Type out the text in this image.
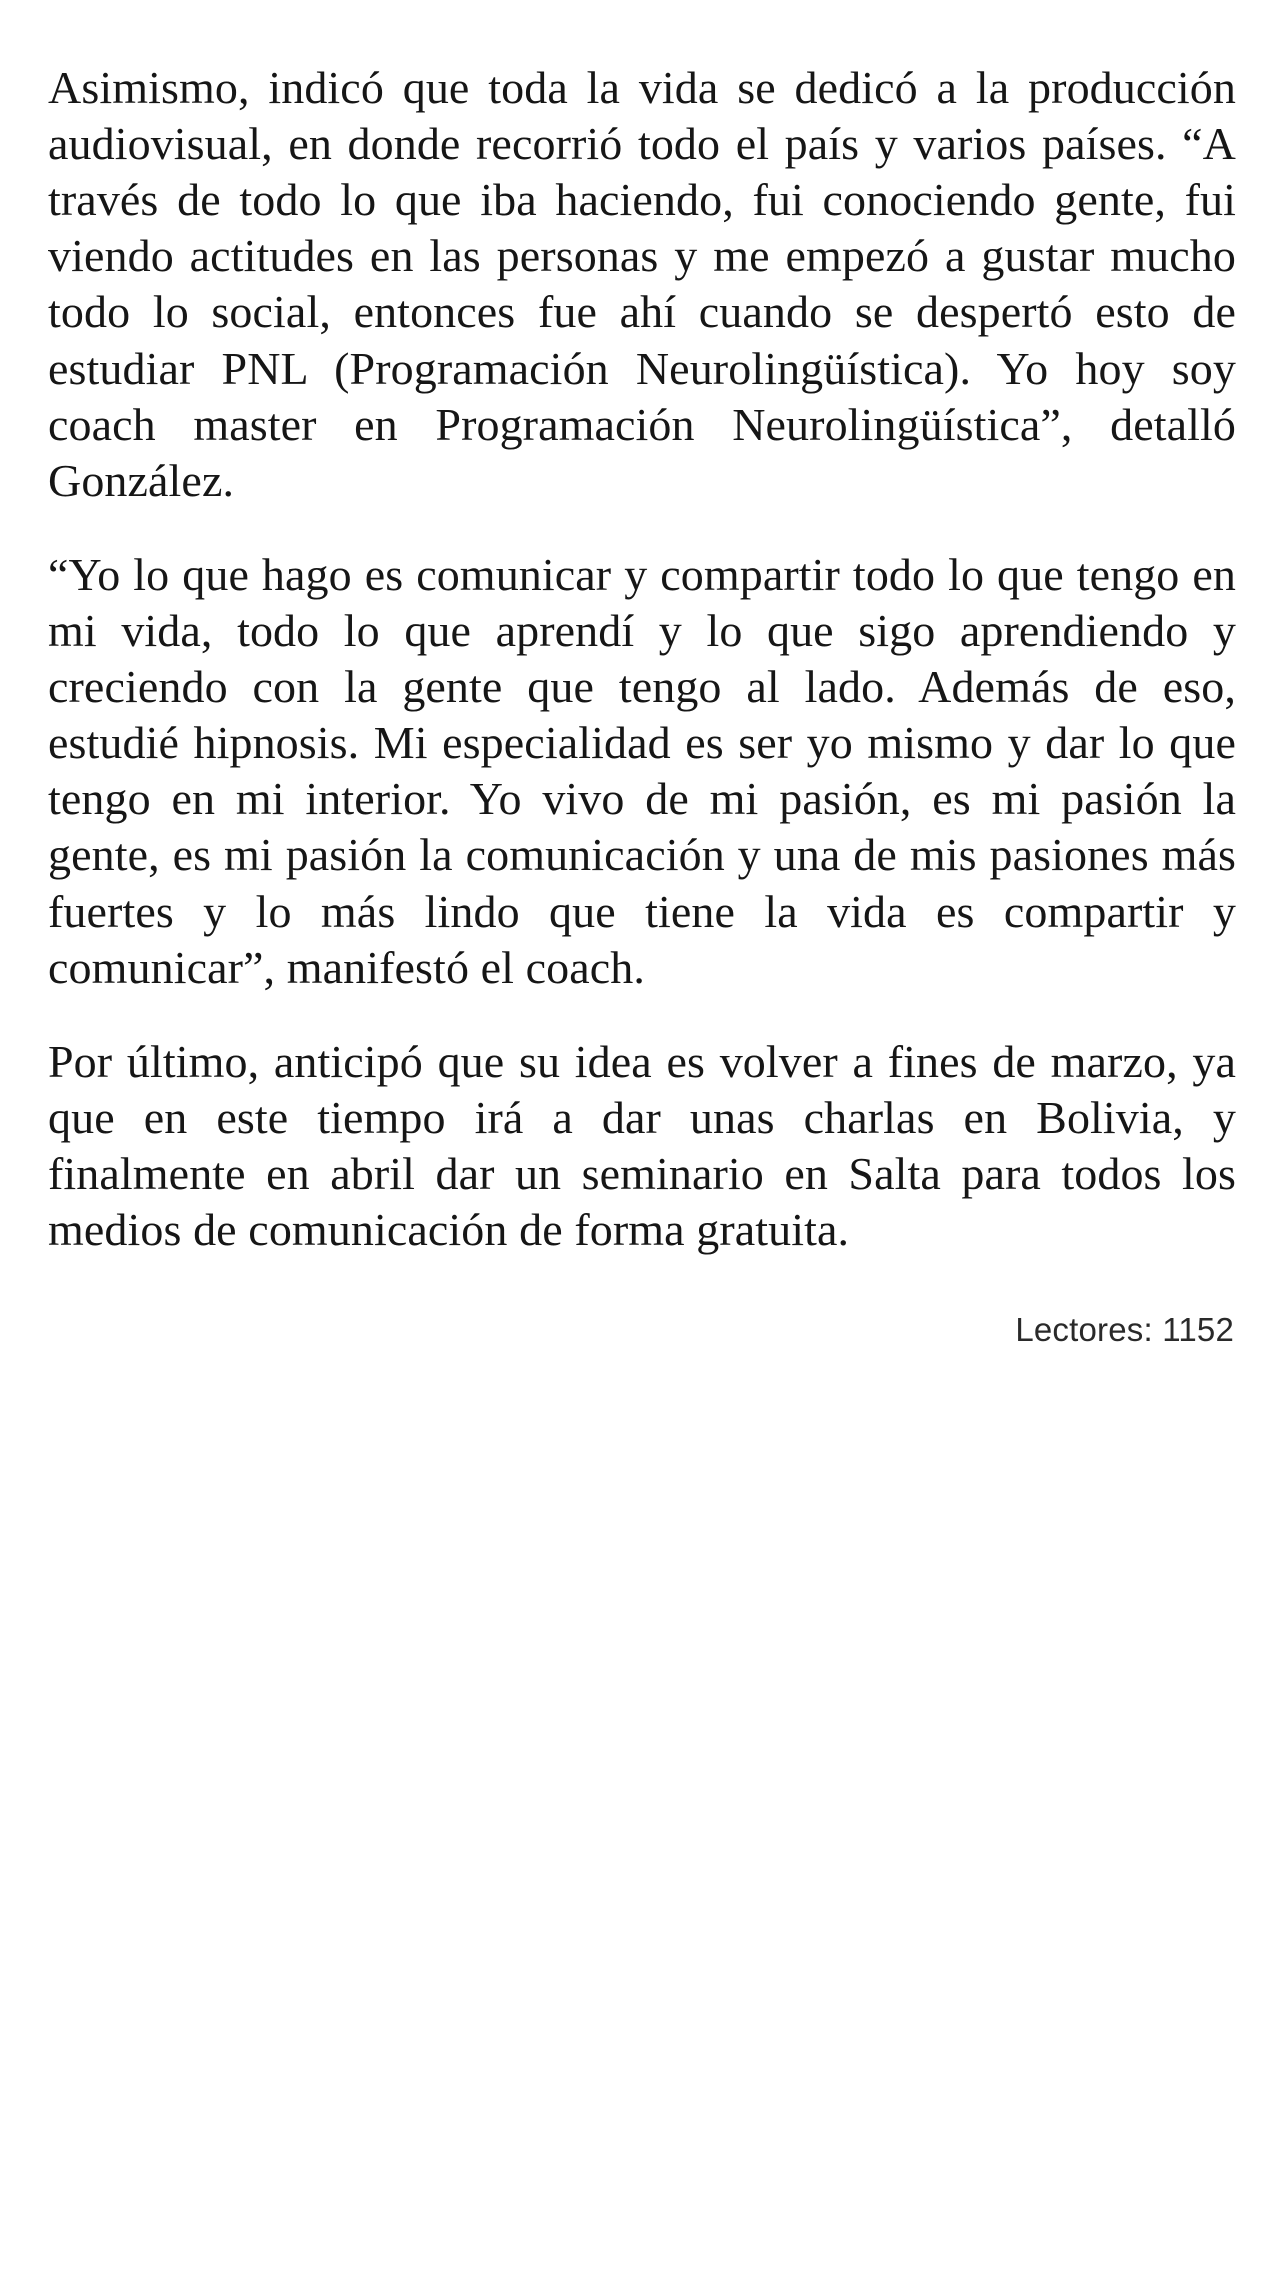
Asimismo, indicó que toda la vida se dedicó a la producción audiovisual, en donde recorrió todo el país y varios países. “A través de todo lo que iba haciendo, fui conociendo gente, fui viendo actitudes en las personas y me empezó a gustar mucho todo lo social, entonces fue ahí cuando se despertó esto de estudiar PNL (Programación Neurolingüística). Yo hoy soy coach master en Programación Neurolingüística”, detalló González.

“Yo lo que hago es comunicar y compartir todo lo que tengo en mi vida, todo lo que aprendí y lo que sigo aprendiendo y creciendo con la gente que tengo al lado. Además de eso, estudié hipnosis. Mi especialidad es ser yo mismo y dar lo que tengo en mi interior. Yo vivo de mi pasión, es mi pasión la gente, es mi pasión la comunicación y una de mis pasiones más fuertes y lo más lindo que tiene la vida es compartir y comunicar”, manifestó el coach.

Por último, anticipó que su idea es volver a fines de marzo, ya que en este tiempo irá a dar unas charlas en Bolivia, y finalmente en abril dar un seminario en Salta para todos los medios de comunicación de forma gratuita.

Lectores: 1152
